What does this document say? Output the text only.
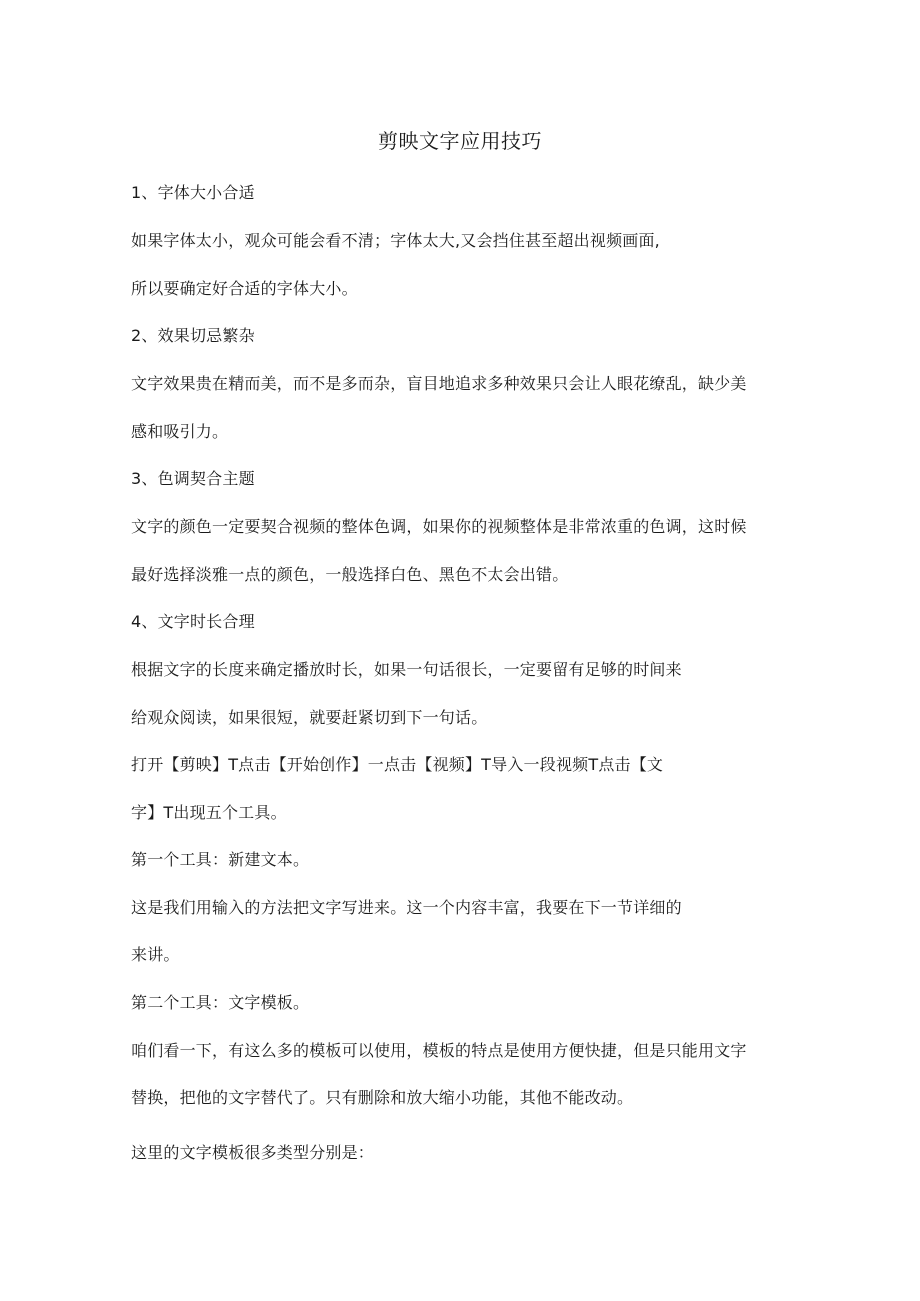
剪映文字应用技巧

1、字体大小合适

如果字体太小，观众可能会看不清；字体太大,又会挡住甚至超出视频画面,

所以要确定好合适的字体大小。

2、效果切忌繁杂

文字效果贵在精而美，而不是多而杂，盲目地追求多种效果只会让人眼花缭乱，缺少美

感和吸引力。

3、色调契合主题

文字的颜色一定要契合视频的整体色调，如果你的视频整体是非常浓重的色调，这时候

最好选择淡雅一点的颜色，一般选择白色、黑色不太会出错。

4、文字时长合理

根据文字的长度来确定播放时长，如果一句话很长，一定要留有足够的时间来

给观众阅读，如果很短，就要赶紧切到下一句话。

打开【剪映】T点击【开始创作】一点击【视频】T导入一段视频T点击【文

字】T出现五个工具。

第一个工具：新建文本。

这是我们用输入的方法把文字写进来。这一个内容丰富，我要在下一节详细的

来讲。

第二个工具：文字模板。

咱们看一下，有这么多的模板可以使用，模板的特点是使用方便快捷，但是只能用文字

替换，把他的文字替代了。只有删除和放大缩小功能，其他不能改动。

这里的文字模板很多类型分别是：
